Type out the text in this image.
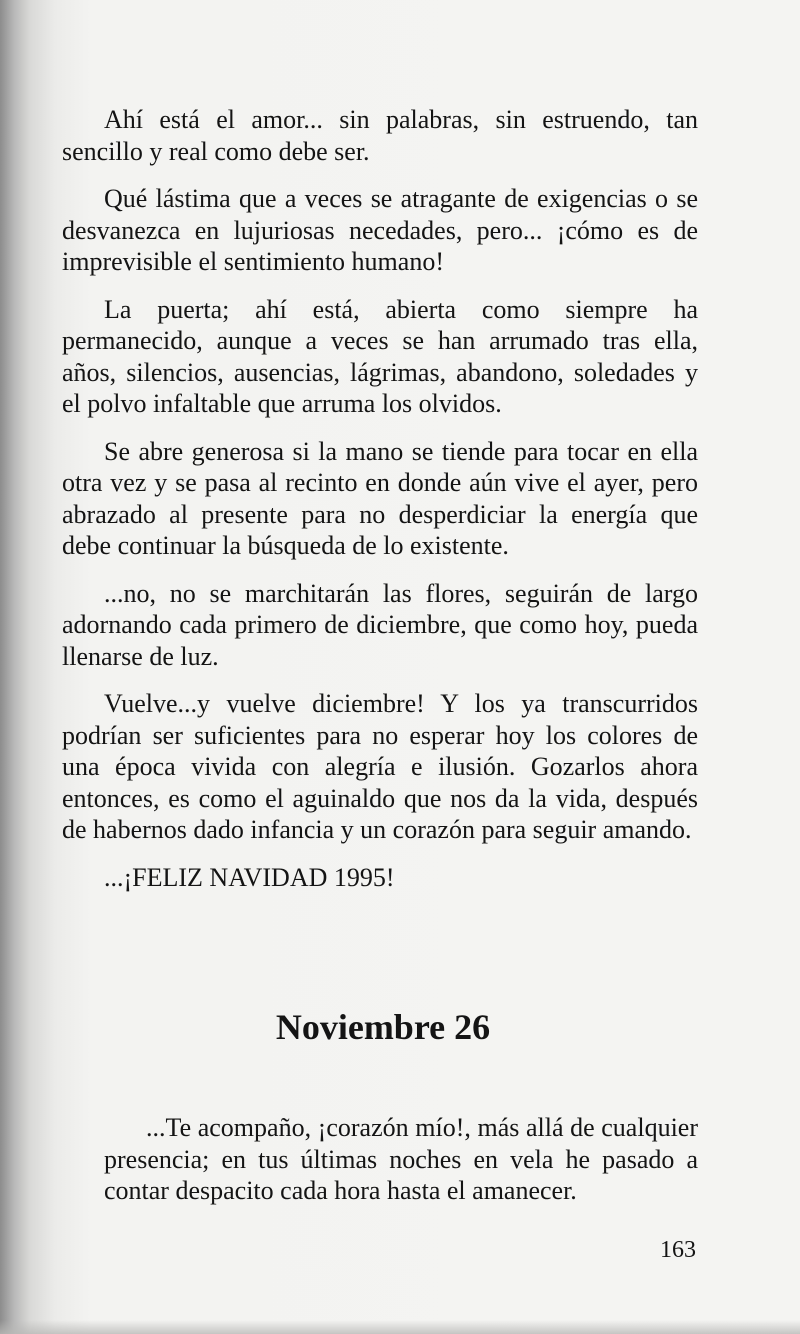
Ahí está el amor... sin palabras, sin estruendo, tan sencillo y real como debe ser.

Qué lástima que a veces se atragante de exigencias o se desvanezca en lujuriosas necedades, pero... ¡cómo es de imprevisible el sentimiento humano!

La puerta; ahí está, abierta como siempre ha permanecido, aunque a veces se han arrumado tras ella, años, silencios, ausencias, lágrimas, abandono, soledades y el polvo infaltable que arruma los olvidos.

Se abre generosa si la mano se tiende para tocar en ella otra vez y se pasa al recinto en donde aún vive el ayer, pero abrazado al presente para no desperdiciar la energía que debe continuar la búsqueda de lo existente.

...no, no se marchitarán las flores, seguirán de largo adornando cada primero de diciembre, que como hoy, pueda llenarse de luz.

Vuelve...y vuelve diciembre! Y los ya transcurridos podrían ser suficientes para no esperar hoy los colores de una época vivida con alegría e ilusión. Gozarlos ahora entonces, es como el aguinaldo que nos da la vida, después de habernos dado infancia y un corazón para seguir amando.

...¡FELIZ NAVIDAD 1995!

Noviembre 26

...Te acompaño, ¡corazón mío!, más allá de cualquier presencia; en tus últimas noches en vela he pasado a contar despacito cada hora hasta el amanecer.

163
